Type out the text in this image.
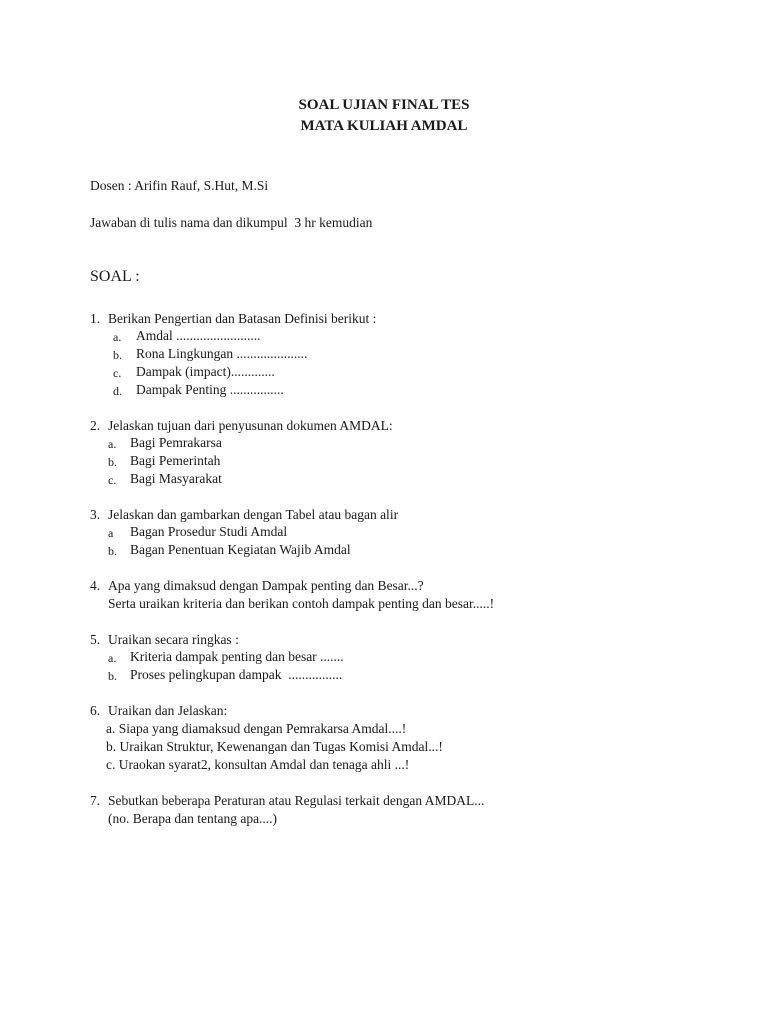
SOAL UJIAN FINAL TES
MATA KULIAH AMDAL
Dosen : Arifin Rauf, S.Hut, M.Si
Jawaban di tulis nama dan dikumpul  3 hr kemudian
SOAL :
1. Berikan Pengertian dan Batasan Definisi berikut :
a. Amdal .........................
b. Rona Lingkungan .....................
c. Dampak (impact).............
d. Dampak Penting ................
2. Jelaskan tujuan dari penyusunan dokumen AMDAL:
a. Bagi Pemrakarsa
b. Bagi Pemerintah
c. Bagi Masyarakat
3. Jelaskan dan gambarkan dengan Tabel atau bagan alir
a Bagan Prosedur Studi Amdal
b. Bagan Penentuan Kegiatan Wajib Amdal
4. Apa yang dimaksud dengan Dampak penting dan Besar...?
Serta uraikan kriteria dan berikan contoh dampak penting dan besar.....!
5. Uraikan secara ringkas :
a. Kriteria dampak penting dan besar .......
b. Proses pelingkupan dampak  ................
6. Uraikan dan Jelaskan:
a. Siapa yang diamaksud dengan Pemrakarsa Amdal....!
b. Uraikan Struktur, Kewenangan dan Tugas Komisi Amdal...!
c. Uraokan syarat2, konsultan Amdal dan tenaga ahli ...!
7. Sebutkan beberapa Peraturan atau Regulasi terkait dengan AMDAL...
(no. Berapa dan tentang apa....)
